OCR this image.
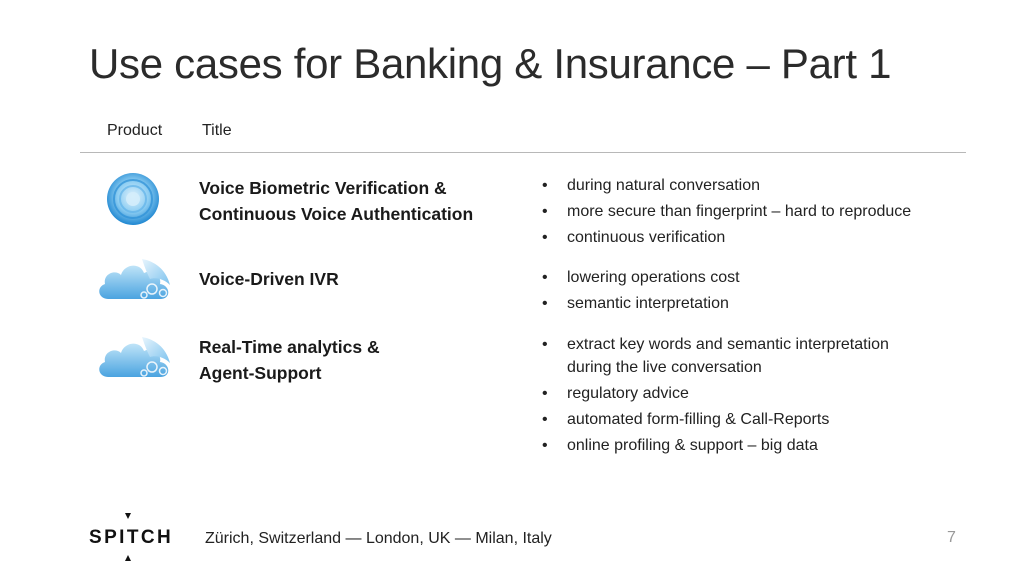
Use cases for Banking & Insurance – Part 1
Product Title
Voice Biometric Verification &
Continuous Voice Authentication
• during natural conversation
• more secure than fingerprint – hard to reproduce
• continuous verification
Voice-Driven IVR	• lowering operations cost
• semantic interpretation
Real-Time analytics &
Agent-Support
• extract key words and semantic interpretation
during the live conversation
• regulatory advice
• automated form-filling & Call-Reports
• online profiling & support – big data
SPITCH Zürich, Switzerland — London, UK — Milan, Italy	7
